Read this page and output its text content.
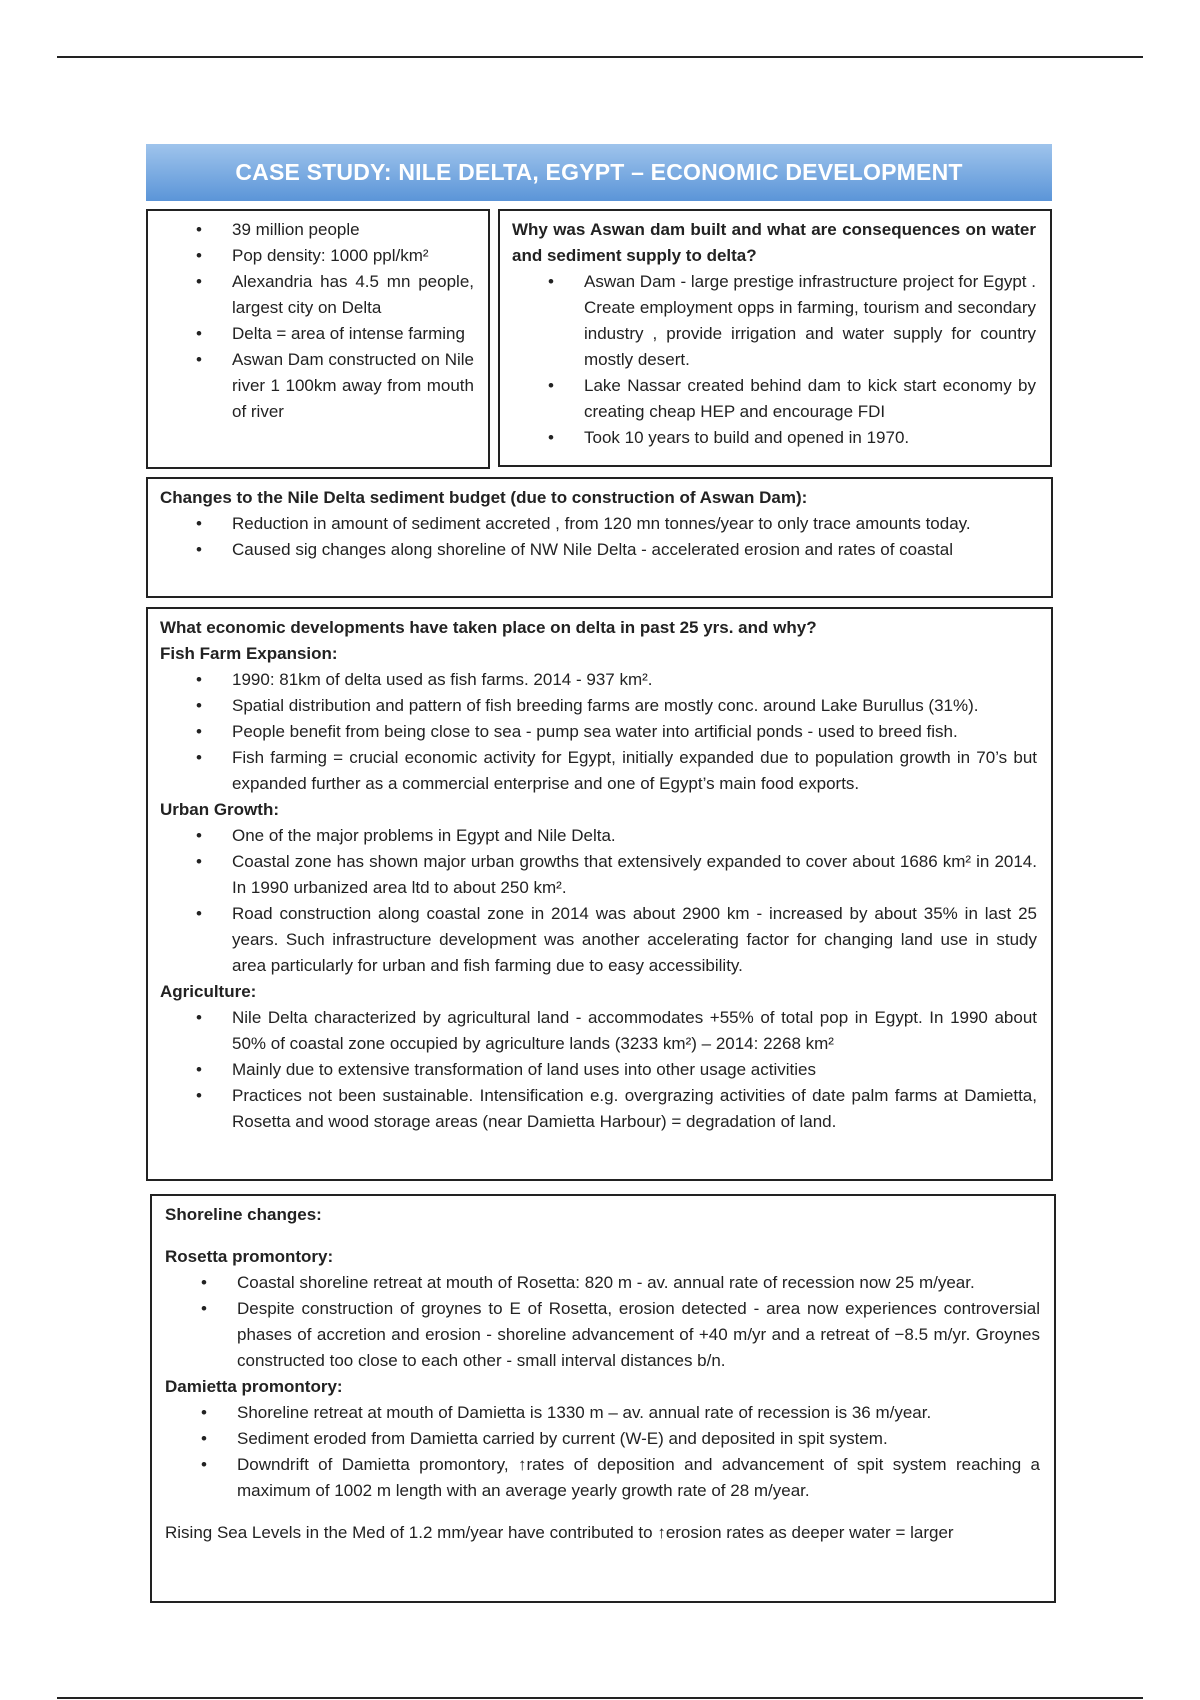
CASE STUDY: NILE DELTA, EGYPT – ECONOMIC DEVELOPMENT
• 39 million people
• Pop density: 1000 ppl/km²
• Alexandria has 4.5 mn people, largest city on Delta
• Delta = area of intense farming
• Aswan Dam constructed on Nile river 1 100km away from mouth of river
Why was Aswan dam built and what are consequences on water and sediment supply to delta?
• Aswan Dam - large prestige infrastructure project for Egypt . Create employment opps in farming, tourism and secondary industry , provide irrigation and water supply for country mostly desert.
• Lake Nassar created behind dam to kick start economy by creating cheap HEP and encourage FDI
• Took 10 years to build and opened in 1970.
Changes to the Nile Delta sediment budget (due to construction of Aswan Dam):
• Reduction in amount of sediment accreted , from 120 mn tonnes/year to only trace amounts today.
• Caused sig changes along shoreline of NW Nile Delta - accelerated erosion and rates of coastal
What economic developments have taken place on delta in past 25 yrs. and why?
Fish Farm Expansion:
• 1990: 81km of delta used as fish farms. 2014 - 937 km².
• Spatial distribution and pattern of fish breeding farms are mostly conc. around Lake Burullus (31%).
• People benefit from being close to sea - pump sea water into artificial ponds - used to breed fish.
• Fish farming = crucial economic activity for Egypt, initially expanded due to population growth in 70’s but expanded further as a commercial enterprise and one of Egypt’s main food exports.
Urban Growth:
• One of the major problems in Egypt and Nile Delta.
• Coastal zone has shown major urban growths that extensively expanded to cover about 1686 km² in 2014. In 1990 urbanized area ltd to about 250 km².
• Road construction along coastal zone in 2014 was about 2900 km - increased by about 35% in last 25 years. Such infrastructure development was another accelerating factor for changing land use in study area particularly for urban and fish farming due to easy accessibility.
Agriculture:
• Nile Delta characterized by agricultural land - accommodates +55% of total pop in Egypt. In 1990 about 50% of coastal zone occupied by agriculture lands (3233 km²) – 2014: 2268 km²
• Mainly due to extensive transformation of land uses into other usage activities
• Practices not been sustainable. Intensification e.g. overgrazing activities of date palm farms at Damietta, Rosetta and wood storage areas (near Damietta Harbour) = degradation of land.
Shoreline changes:
Rosetta promontory:
• Coastal shoreline retreat at mouth of Rosetta: 820 m - av. annual rate of recession now 25 m/year.
• Despite construction of groynes to E of Rosetta, erosion detected - area now experiences controversial phases of accretion and erosion - shoreline advancement of +40 m/yr and a retreat of −8.5 m/yr. Groynes constructed too close to each other - small interval distances b/n.
Damietta promontory:
• Shoreline retreat at mouth of Damietta is 1330 m – av. annual rate of recession is 36 m/year.
• Sediment eroded from Damietta carried by current (W-E) and deposited in spit system.
• Downdrift of Damietta promontory, ↑rates of deposition and advancement of spit system reaching a maximum of 1002 m length with an average yearly growth rate of 28 m/year.

Rising Sea Levels in the Med of 1.2 mm/year have contributed to ↑erosion rates as deeper water = larger
